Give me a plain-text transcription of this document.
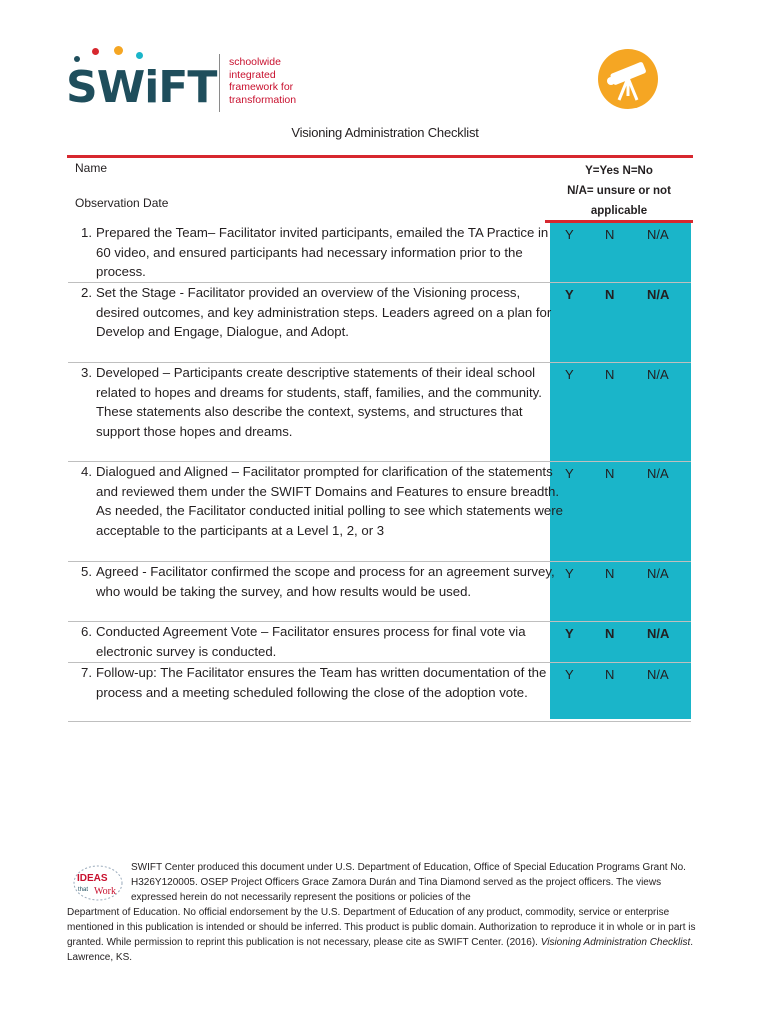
SWiFT schoolwide
integrated
framework for
transformation
Visioning Administration Checklist
Name
Observation Date
Y=Yes N=No
N/A= unsure or not
applicable
1. Prepared the Team– Facilitator invited participants, emailed the TA Practice in 60 video, and ensured participants had necessary information prior to the process.
Y N	N/A
2. Set the Stage - Facilitator provided an overview of the Visioning process, desired outcomes, and key administration steps. Leaders agreed on a plan for Develop and Engage, Dialogue, and Adopt.
Y N	N/A
3. Developed – Participants create descriptive statements of their ideal school related to hopes and dreams for students, staff, families, and the community. These statements also describe the context, systems, and structures that support those hopes and dreams.
Y N	N/A
4. Dialogued and Aligned – Facilitator prompted for clarification of the statements and reviewed them under the SWIFT Domains and Features to ensure breadth. As needed, the Facilitator conducted initial polling to see which statements were acceptable to the participants at a Level 1, 2, or 3
Y N	N/A
5. Agreed - Facilitator confirmed the scope and process for an agreement survey, who would be taking the survey, and how results would be used.
Y N	N/A
6. Conducted Agreement Vote – Facilitator ensures process for final vote via electronic survey is conducted.
Y N	N/A
7. Follow-up: The Facilitator ensures the Team has written documentation of the process and a meeting scheduled following the close of the adoption vote.
Y N	N/A
IDEAS
that Work
SWIFT Center produced this document under U.S. Department of Education, Office of Special Education Programs Grant No. H326Y120005. OSEP Project Officers Grace Zamora Durán and Tina Diamond served as the project officers. The views expressed herein do not necessarily represent the positions or policies of the
Department of Education. No official endorsement by the U.S. Department of Education of any product, commodity, service or enterprise mentioned in this publication is intended or should be inferred. This product is public domain. Authorization to reproduce it in whole or in part is granted. While permission to reprint this publication is not necessary, please cite as SWIFT Center. (2016). Visioning Administration Checklist. Lawrence, KS.
